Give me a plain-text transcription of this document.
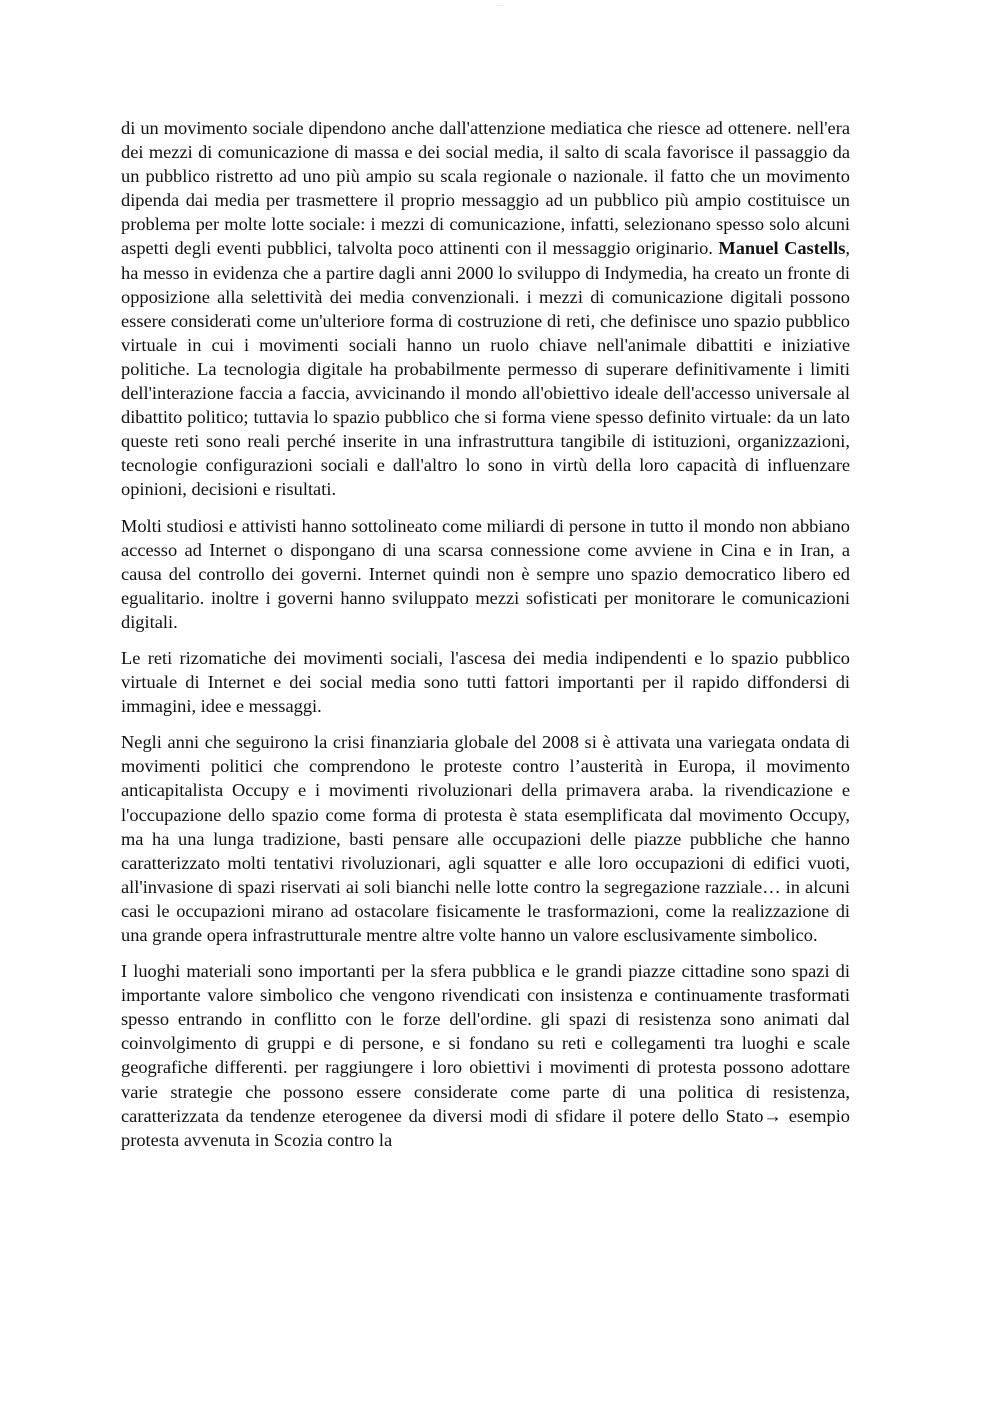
────

di un movimento sociale dipendono anche dall'attenzione mediatica che riesce ad ottenere. nell'era dei mezzi di comunicazione di massa e dei social media, il salto di scala favorisce il passaggio da un pubblico ristretto ad uno più ampio su scala regionale o nazionale. il fatto che un movimento dipenda dai media per trasmettere il proprio messaggio ad un pubblico più ampio costituisce un problema per molte lotte sociale: i mezzi di comunicazione, infatti, selezionano spesso solo alcuni aspetti degli eventi pubblici, talvolta poco attinenti con il messaggio originario. Manuel Castells, ha messo in evidenza che a partire dagli anni 2000 lo sviluppo di Indymedia, ha creato un fronte di opposizione alla selettività dei media convenzionali. i mezzi di comunicazione digitali possono essere considerati come un'ulteriore forma di costruzione di reti, che definisce uno spazio pubblico virtuale in cui i movimenti sociali hanno un ruolo chiave nell'animale dibattiti e iniziative politiche. La tecnologia digitale ha probabilmente permesso di superare definitivamente i limiti dell'interazione faccia a faccia, avvicinando il mondo all'obiettivo ideale dell'accesso universale al dibattito politico; tuttavia lo spazio pubblico che si forma viene spesso definito virtuale: da un lato queste reti sono reali perché inserite in una infrastruttura tangibile di istituzioni, organizzazioni, tecnologie configurazioni sociali e dall'altro lo sono in virtù della loro capacità di influenzare opinioni, decisioni e risultati.

Molti studiosi e attivisti hanno sottolineato come miliardi di persone in tutto il mondo non abbiano accesso ad Internet o dispongano di una scarsa connessione come avviene in Cina e in Iran, a causa del controllo dei governi. Internet quindi non è sempre uno spazio democratico libero ed egualitario. inoltre i governi hanno sviluppato mezzi sofisticati per monitorare le comunicazioni digitali.

Le reti rizomatiche dei movimenti sociali, l'ascesa dei media indipendenti e lo spazio pubblico virtuale di Internet e dei social media sono tutti fattori importanti per il rapido diffondersi di immagini, idee e messaggi.

Negli anni che seguirono la crisi finanziaria globale del 2008 si è attivata una variegata ondata di movimenti politici che comprendono le proteste contro l’austerità in Europa, il movimento anticapitalista Occupy e i movimenti rivoluzionari della primavera araba. la rivendicazione e l'occupazione dello spazio come forma di protesta è stata esemplificata dal movimento Occupy, ma ha una lunga tradizione, basti pensare alle occupazioni delle piazze pubbliche che hanno caratterizzato molti tentativi rivoluzionari, agli squatter e alle loro occupazioni di edifici vuoti, all'invasione di spazi riservati ai soli bianchi nelle lotte contro la segregazione razziale… in alcuni casi le occupazioni mirano ad ostacolare fisicamente le trasformazioni, come la realizzazione di una grande opera infrastrutturale mentre altre volte hanno un valore esclusivamente simbolico.

I luoghi materiali sono importanti per la sfera pubblica e le grandi piazze cittadine sono spazi di importante valore simbolico che vengono rivendicati con insistenza e continuamente trasformati spesso entrando in conflitto con le forze dell'ordine. gli spazi di resistenza sono animati dal coinvolgimento di gruppi e di persone, e si fondano su reti e collegamenti tra luoghi e scale geografiche differenti. per raggiungere i loro obiettivi i movimenti di protesta possono adottare varie strategie che possono essere considerate come parte di una politica di resistenza, caratterizzata da tendenze eterogenee da diversi modi di sfidare il potere dello Stato→ esempio protesta avvenuta in Scozia contro la
